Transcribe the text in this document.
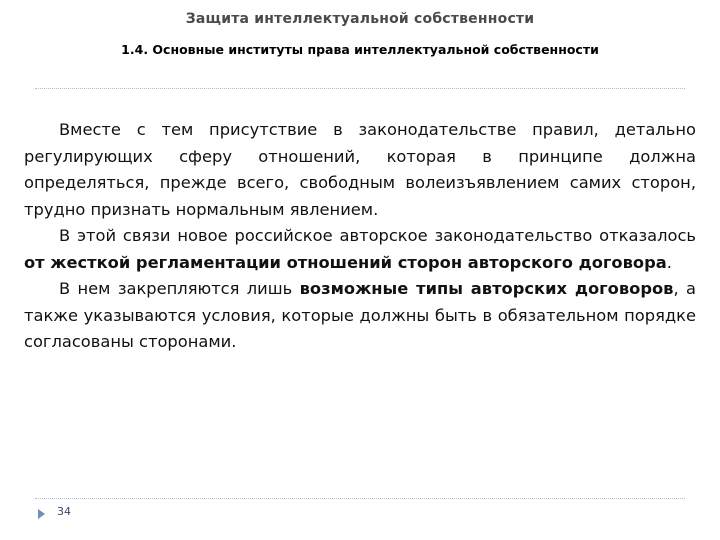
Защита интеллектуальной собственности
1.4. Основные институты права интеллектуальной собственности

Вместе с тем присутствие в законодательстве правил, детально регулирующих сферу отношений, которая в принципе должна определяться, прежде всего, свободным волеизъявлением самих сторон, трудно признать нормальным явлением.

В этой связи новое российское авторское законодательство отказалось от жесткой регламентации отношений сторон авторского договора.

В нем закрепляются лишь возможные типы авторских договоров, а также указываются условия, которые должны быть в обязательном порядке согласованы сторонами.

34
